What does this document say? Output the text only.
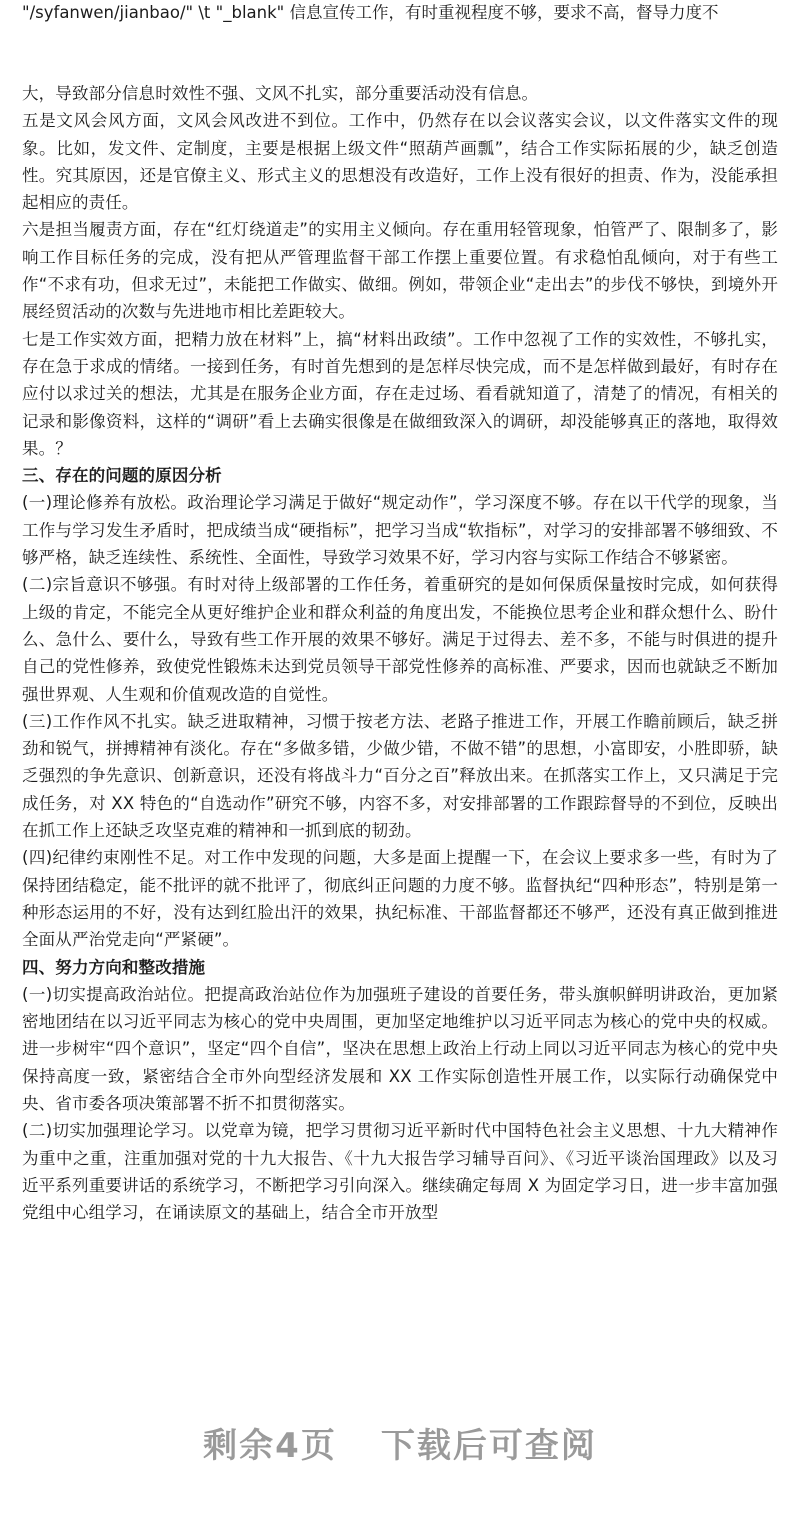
"/syfanwen/jianbao/" \t "_blank" 信息宣传工作，有时重视程度不够，要求不高，督导力度不

大，导致部分信息时效性不强、文风不扎实，部分重要活动没有信息。

五是文风会风方面，文风会风改进不到位。工作中，仍然存在以会议落实会议，以文件落实文件的现象。比如，发文件、定制度，主要是根据上级文件“照葫芦画瓢”，结合工作实际拓展的少，缺乏创造性。究其原因，还是官僚主义、形式主义的思想没有改造好，工作上没有很好的担责、作为，没能承担起相应的责任。

六是担当履责方面，存在“红灯绕道走”的实用主义倾向。存在重用轻管现象，怕管严了、限制多了，影响工作目标任务的完成，没有把从严管理监督干部工作摆上重要位置。有求稳怕乱倾向，对于有些工作“不求有功，但求无过”，未能把工作做实、做细。例如，带领企业“走出去”的步伐不够快，到境外开展经贸活动的次数与先进地市相比差距较大。

七是工作实效方面，把精力放在材料”上，搞“材料出政绩”。工作中忽视了工作的实效性，不够扎实，存在急于求成的情绪。一接到任务，有时首先想到的是怎样尽快完成，而不是怎样做到最好，有时存在应付以求过关的想法，尤其是在服务企业方面，存在走过场、看看就知道了，清楚了的情况，有相关的记录和影像资料，这样的“调研”看上去确实很像是在做细致深入的调研，却没能够真正的落地，取得效果。？

三、存在的问题的原因分析

(一)理论修养有放松。政治理论学习满足于做好“规定动作”，学习深度不够。存在以干代学的现象，当工作与学习发生矛盾时，把成绩当成“硬指标”，把学习当成“软指标”，对学习的安排部署不够细致、不够严格，缺乏连续性、系统性、全面性，导致学习效果不好，学习内容与实际工作结合不够紧密。

(二)宗旨意识不够强。有时对待上级部署的工作任务，着重研究的是如何保质保量按时完成，如何获得上级的肯定，不能完全从更好维护企业和群众利益的角度出发，不能换位思考企业和群众想什么、盼什么、急什么、要什么，导致有些工作开展的效果不够好。满足于过得去、差不多，不能与时俱进的提升自己的党性修养，致使党性锻炼未达到党员领导干部党性修养的高标准、严要求，因而也就缺乏不断加强世界观、人生观和价值观改造的自觉性。

(三)工作作风不扎实。缺乏进取精神，习惯于按老方法、老路子推进工作，开展工作瞻前顾后，缺乏拼劲和锐气，拼搏精神有淡化。存在“多做多错，少做少错，不做不错”的思想，小富即安，小胜即骄，缺乏强烈的争先意识、创新意识，还没有将战斗力“百分之百”释放出来。在抓落实工作上，又只满足于完成任务，对 XX 特色的“自选动作”研究不够，内容不多，对安排部署的工作跟踪督导的不到位，反映出在抓工作上还缺乏攻坚克难的精神和一抓到底的韧劲。

(四)纪律约束刚性不足。对工作中发现的问题，大多是面上提醒一下，在会议上要求多一些，有时为了保持团结稳定，能不批评的就不批评了，彻底纠正问题的力度不够。监督执纪“四种形态”，特别是第一种形态运用的不好，没有达到红脸出汗的效果，执纪标准、干部监督都还不够严，还没有真正做到推进全面从严治党走向“严紧硬”。

四、努力方向和整改措施

(一)切实提高政治站位。把提高政治站位作为加强班子建设的首要任务，带头旗帜鲜明讲政治，更加紧密地团结在以习近平同志为核心的党中央周围，更加坚定地维护以习近平同志为核心的党中央的权威。进一步树牢“四个意识”，坚定“四个自信”，坚决在思想上政治上行动上同以习近平同志为核心的党中央保持高度一致，紧密结合全市外向型经济发展和 XX 工作实际创造性开展工作，以实际行动确保党中央、省市委各项决策部署不折不扣贯彻落实。

(二)切实加强理论学习。以党章为镜，把学习贯彻习近平新时代中国特色社会主义思想、十九大精神作为重中之重，注重加强对党的十九大报告、《十九大报告学习辅导百问》、《习近平谈治国理政》以及习近平系列重要讲话的系统学习，不断把学习引向深入。继续确定每周 X 为固定学习日，进一步丰富加强党组中心组学习，在诵读原文的基础上，结合全市开放型

剩余4页 下载后可查阅
